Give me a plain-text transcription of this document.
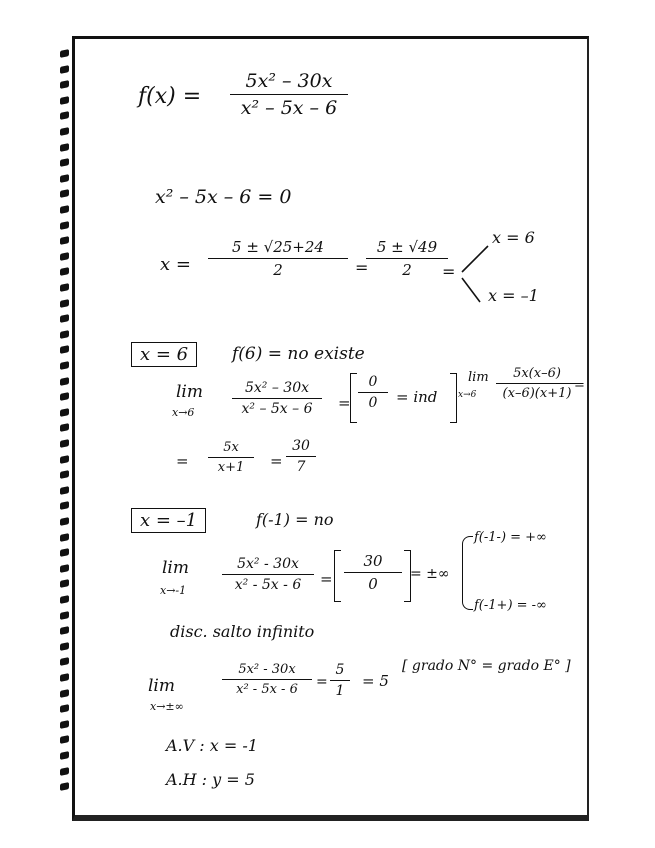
f(x) =
5x² – 30x
x² – 5x – 6
x² – 5x – 6 = 0
x =
5 ± √25+24
2	=
5 ± √49
2	=
x = 6
x = –1
x = 6	f(6) = no existe
lim
x→6
5x² – 30x
x² – 5x – 6	=
0
0	= ind
lim
x→6
5x(x–6)
(x–6)(x+1)
=
=
5x
x+1	=
30
7
x = –1	f(-1) = no
lim
x→-1
5x² - 30x
x² - 5x - 6	=
30
0
= ±∞
f(-1-) = +∞
f(-1+) = -∞
disc. salto infinito
lim
x→±∞
5x² - 30x
x² - 5x - 6	=
5
1
= 5
[ grado N° = grado E° ]
A.V : x = -1
A.H : y = 5
